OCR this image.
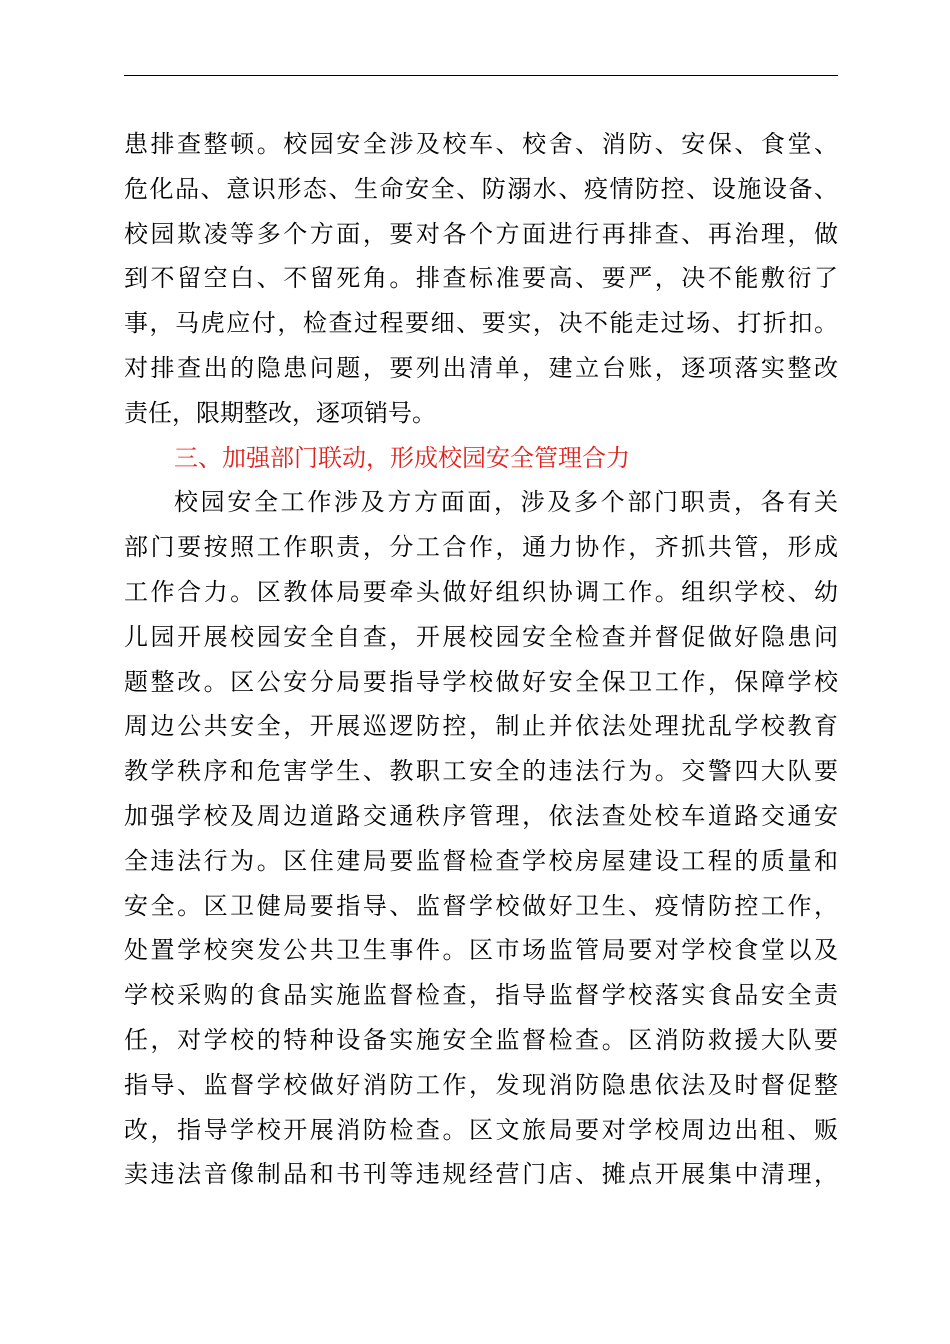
患排查整顿。校园安全涉及校车、校舍、消防、安保、食堂、
危化品、意识形态、生命安全、防溺水、疫情防控、设施设备、
校园欺凌等多个方面，要对各个方面进行再排查、再治理，做
到不留空白、不留死角。排查标准要高、要严，决不能敷衍了
事，马虎应付，检查过程要细、要实，决不能走过场、打折扣。
对排查出的隐患问题，要列出清单，建立台账，逐项落实整改
责任，限期整改，逐项销号。
三、加强部门联动，形成校园安全管理合力
校园安全工作涉及方方面面，涉及多个部门职责，各有关
部门要按照工作职责，分工合作，通力协作，齐抓共管，形成
工作合力。区教体局要牵头做好组织协调工作。组织学校、幼
儿园开展校园安全自查，开展校园安全检查并督促做好隐患问
题整改。区公安分局要指导学校做好安全保卫工作，保障学校
周边公共安全，开展巡逻防控，制止并依法处理扰乱学校教育
教学秩序和危害学生、教职工安全的违法行为。交警四大队要
加强学校及周边道路交通秩序管理，依法查处校车道路交通安
全违法行为。区住建局要监督检查学校房屋建设工程的质量和
安全。区卫健局要指导、监督学校做好卫生、疫情防控工作，
处置学校突发公共卫生事件。区市场监管局要对学校食堂以及
学校采购的食品实施监督检查，指导监督学校落实食品安全责
任，对学校的特种设备实施安全监督检查。区消防救援大队要
指导、监督学校做好消防工作，发现消防隐患依法及时督促整
改，指导学校开展消防检查。区文旅局要对学校周边出租、贩
卖违法音像制品和书刊等违规经营门店、摊点开展集中清理，
